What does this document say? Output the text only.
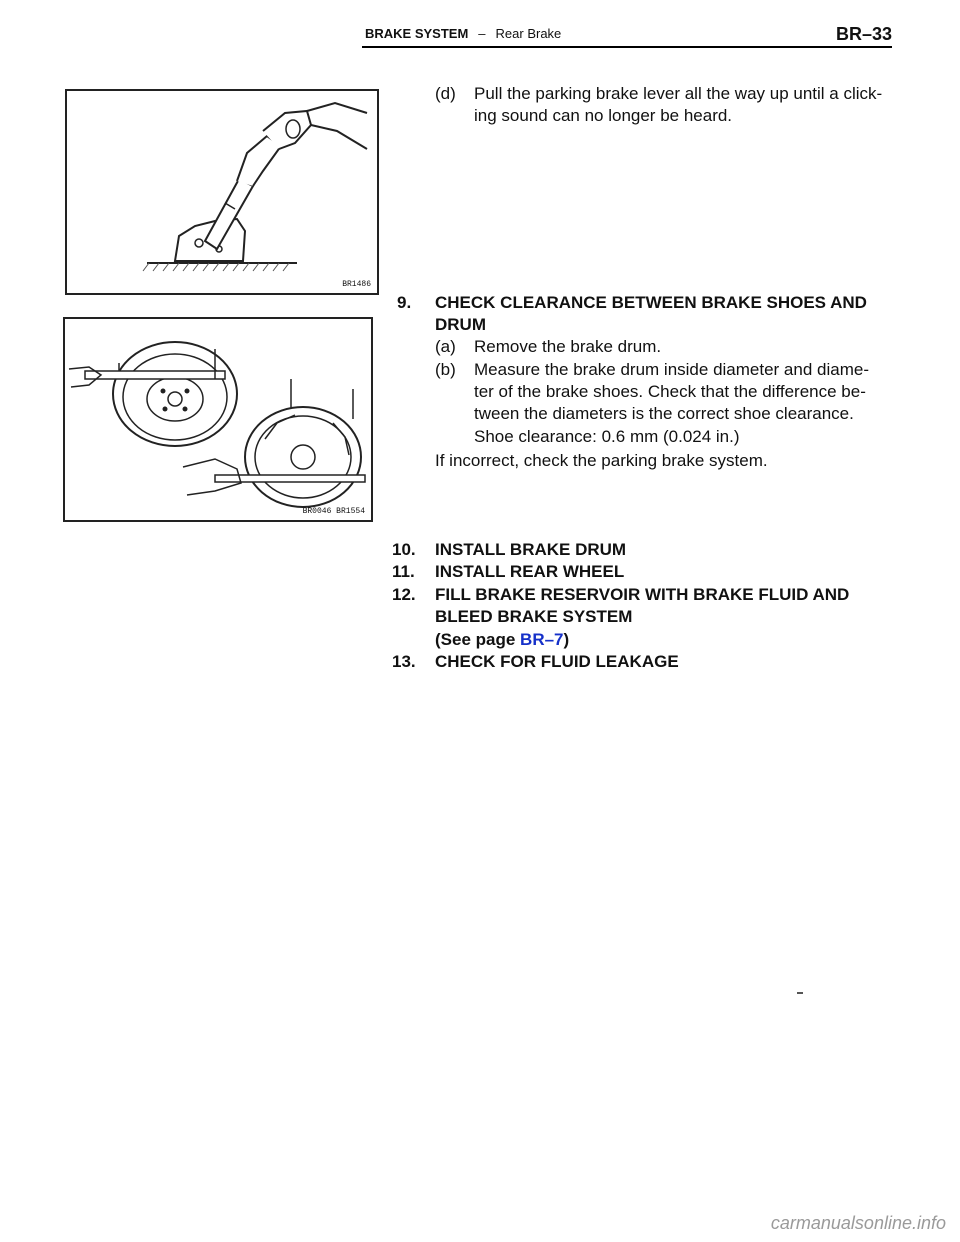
BRAKE SYSTEM – Rear Brake	BR–33
BR1486
BR0046 BR1554
(d) Pull the parking brake lever all the way up until a click-
ing sound can no longer be heard.
9. CHECK CLEARANCE BETWEEN BRAKE SHOES AND
DRUM
(a) Remove the brake drum.
(b) Measure the brake drum inside diameter and diame-
ter of the brake shoes. Check that the difference be-
tween the diameters is the correct shoe clearance.
Shoe clearance: 0.6 mm (0.024 in.)
If incorrect, check the parking brake system.
10. INSTALL BRAKE DRUM
11. INSTALL REAR WHEEL
12. FILL BRAKE RESERVOIR WITH BRAKE FLUID AND
BLEED BRAKE SYSTEM
(See page BR–7)
13. CHECK FOR FLUID LEAKAGE
carmanualsonline.info
